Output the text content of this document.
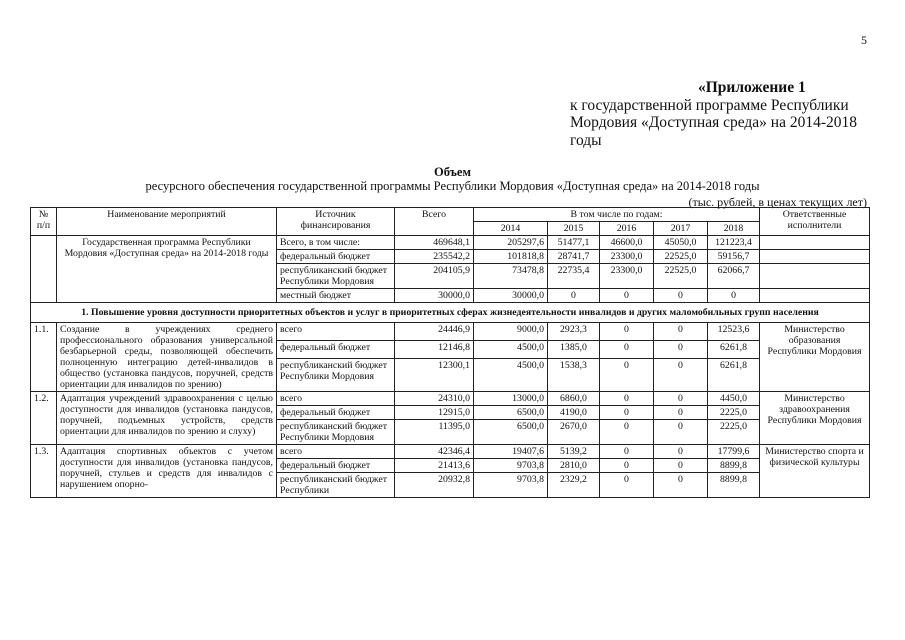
5
«Приложение 1
к государственной программе Республики
Мордовия «Доступная среда» на 2014-2018
годы
Объем
ресурсного обеспечения государственной программы Республики Мордовия «Доступная среда» на 2014-2018 годы
(тыс. рублей, в ценах текущих лет)
№ п/п	Наименование мероприятий	Источник финансирования	Всего	В том числе по годам:					Ответственные исполнители
				2014	2015	2016	2017	2018	
	Государственная программа Республики Мордовия «Доступная среда» на 2014-2018 годы	Всего, в том числе:	469648,1	205297,6	51477,1	46600,0	45050,0	121223,4	
		федеральный бюджет	235542,2	101818,8	28741,7	23300,0	22525,0	59156,7	
		республиканский бюджет Республики Мордовия	204105,9	73478,8	22735,4	23300,0	22525,0	62066,7	
		местный бюджет	30000,0	30000,0	0	0	0	0	
1. Повышение уровня доступности приоритетных объектов и услуг в приоритетных сферах жизнедеятельности инвалидов и других маломобильных групп населения									
1.1.	Создание в учреждениях среднего профессионального образования универсальной безбарьерной среды, позволяющей обеспечить полноценную интеграцию детей-инвалидов в общество (установка пандусов, поручней, средств ориентации для инвалидов по зрению)	всего	24446,9	9000,0	2923,3	0	0	12523,6	Министерство образования Республики Мордовия
		федеральный бюджет	12146,8	4500,0	1385,0	0	0	6261,8	
		республиканский бюджет Республики Мордовия	12300,1	4500,0	1538,3	0	0	6261,8	
1.2.	Адаптация учреждений здравоохранения с целью доступности для инвалидов (установка пандусов, поручней, подъемных устройств, средств ориентации для инвалидов по зрению и слуху)	всего	24310,0	13000,0	6860,0	0	0	4450,0	Министерство здравоохранения Республики Мордовия
		федеральный бюджет	12915,0	6500,0	4190,0	0	0	2225,0	
		республиканский бюджет Республики Мордовия	11395,0	6500,0	2670,0	0	0	2225,0	
1.3.	Адаптация спортивных объектов с учетом доступности для инвалидов (установка пандусов, поручней, стульев и средств для инвалидов с нарушением опорно-	всего	42346,4	19407,6	5139,2	0	0	17799,6	Министерство спорта и физической культуры
		федеральный бюджет	21413,6	9703,8	2810,0	0	0	8899,8	
		республиканский бюджет Республики	20932,8	9703,8	2329,2	0	0	8899,8	
